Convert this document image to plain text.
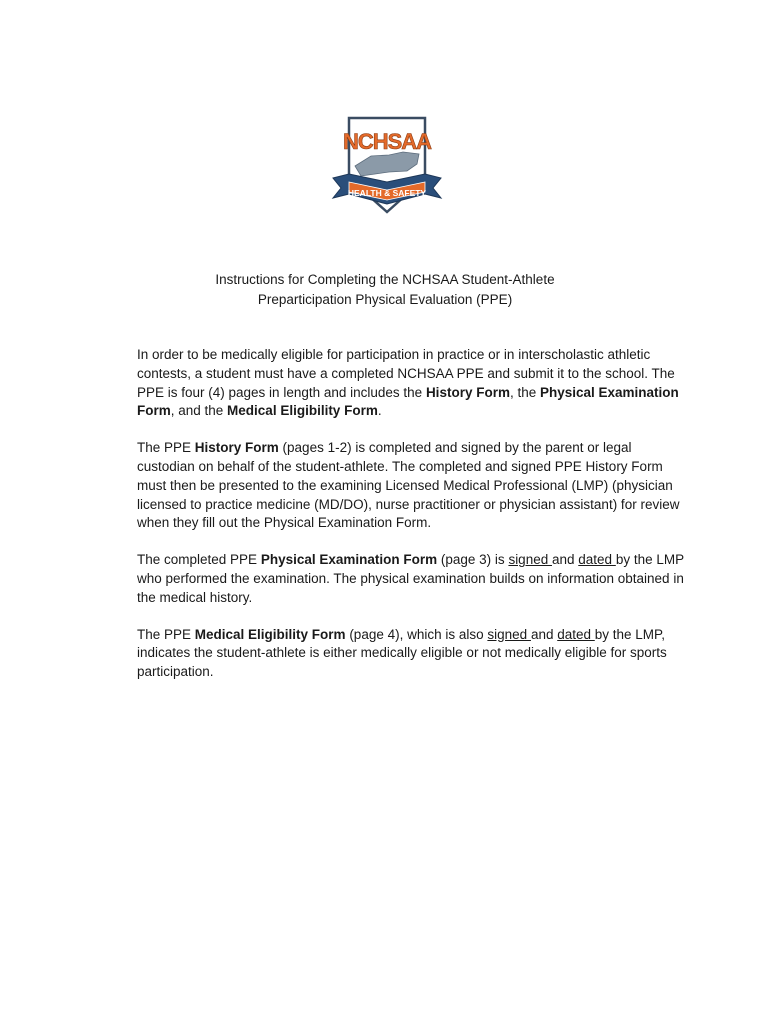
NCHSAA
HEALTH & SAFETY
Instructions for Completing the NCHSAA Student-Athlete
Preparticipation Physical Evaluation (PPE)

In order to be medically eligible for participation in practice or in interscholastic athletic contests, a student must have a completed NCHSAA PPE and submit it to the school. The PPE is four (4) pages in length and includes the History Form, the Physical Examination Form, and the Medical Eligibility Form.

The PPE History Form (pages 1-2) is completed and signed by the parent or legal custodian on behalf of the student-athlete. The completed and signed PPE History Form must then be presented to the examining Licensed Medical Professional (LMP) (physician licensed to practice medicine (MD/DO), nurse practitioner or physician assistant) for review when they fill out the Physical Examination Form.

The completed PPE Physical Examination Form (page 3) is signed and dated by the LMP who performed the examination. The physical examination builds on information obtained in the medical history.

The PPE Medical Eligibility Form (page 4), which is also signed and dated by the LMP, indicates the student-athlete is either medically eligible or not medically eligible for sports participation.
